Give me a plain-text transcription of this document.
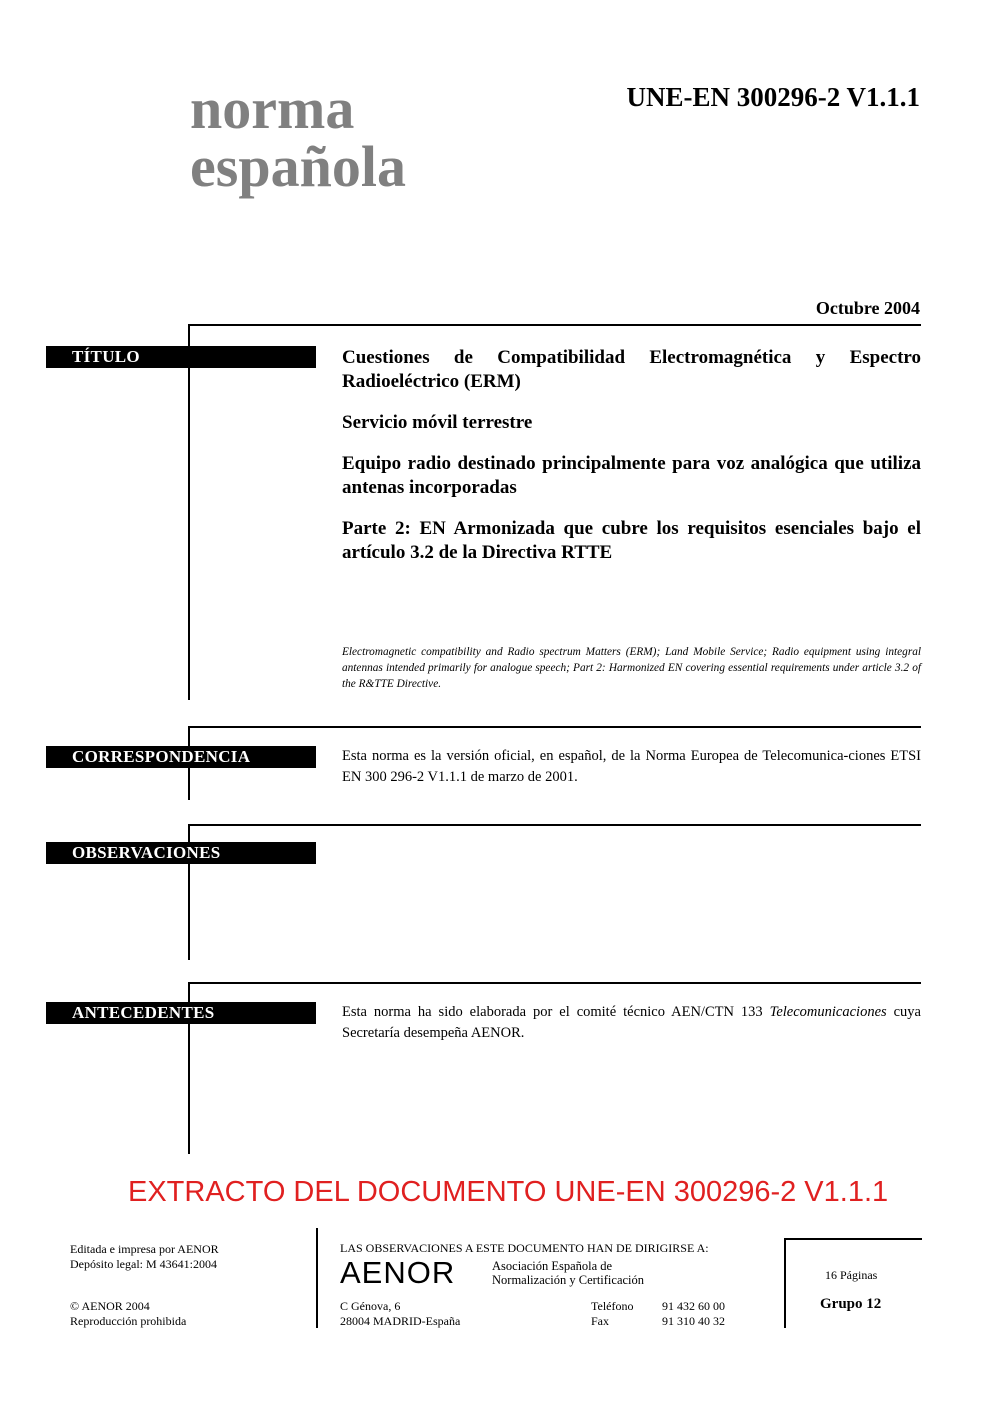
norma
española
UNE-EN 300296-2 V1.1.1
Octubre 2004
TÍTULO	Cuestiones de Compatibilidad Electromagnética y Espectro Radioeléctrico (ERM)

Servicio móvil terrestre

Equipo radio destinado principalmente para voz analógica que utiliza antenas incorporadas

Parte 2: EN Armonizada que cubre los requisitos esenciales bajo el artículo 3.2 de la Directiva RTTE

Electromagnetic compatibility and Radio spectrum Matters (ERM); Land Mobile Service; Radio equipment using integral antennas intended primarily for analogue speech; Part 2: Harmonized EN covering essential requirements under article 3.2 of the R&TTE Directive.
CORRESPONDENCIA	Esta norma es la versión oficial, en español, de la Norma Europea de Telecomunica-ciones ETSI EN 300 296-2 V1.1.1 de marzo de 2001.
OBSERVACIONES
ANTECEDENTES	Esta norma ha sido elaborada por el comité técnico AEN/CTN 133 Telecomunicaciones cuya Secretaría desempeña AENOR.
EXTRACTO DEL DOCUMENTO UNE-EN 300296-2 V1.1.1
Editada e impresa por AENOR
Depósito legal: M 43641:2004
© AENOR 2004
Reproducción prohibida
LAS OBSERVACIONES A ESTE DOCUMENTO HAN DE DIRIGIRSE A:
AENOR	Asociación Española de
Normalización y Certificación
C Génova, 6
28004 MADRID-España
Teléfono 91 432 60 00
Fax	91 310 40 32
16 Páginas
Grupo 12
